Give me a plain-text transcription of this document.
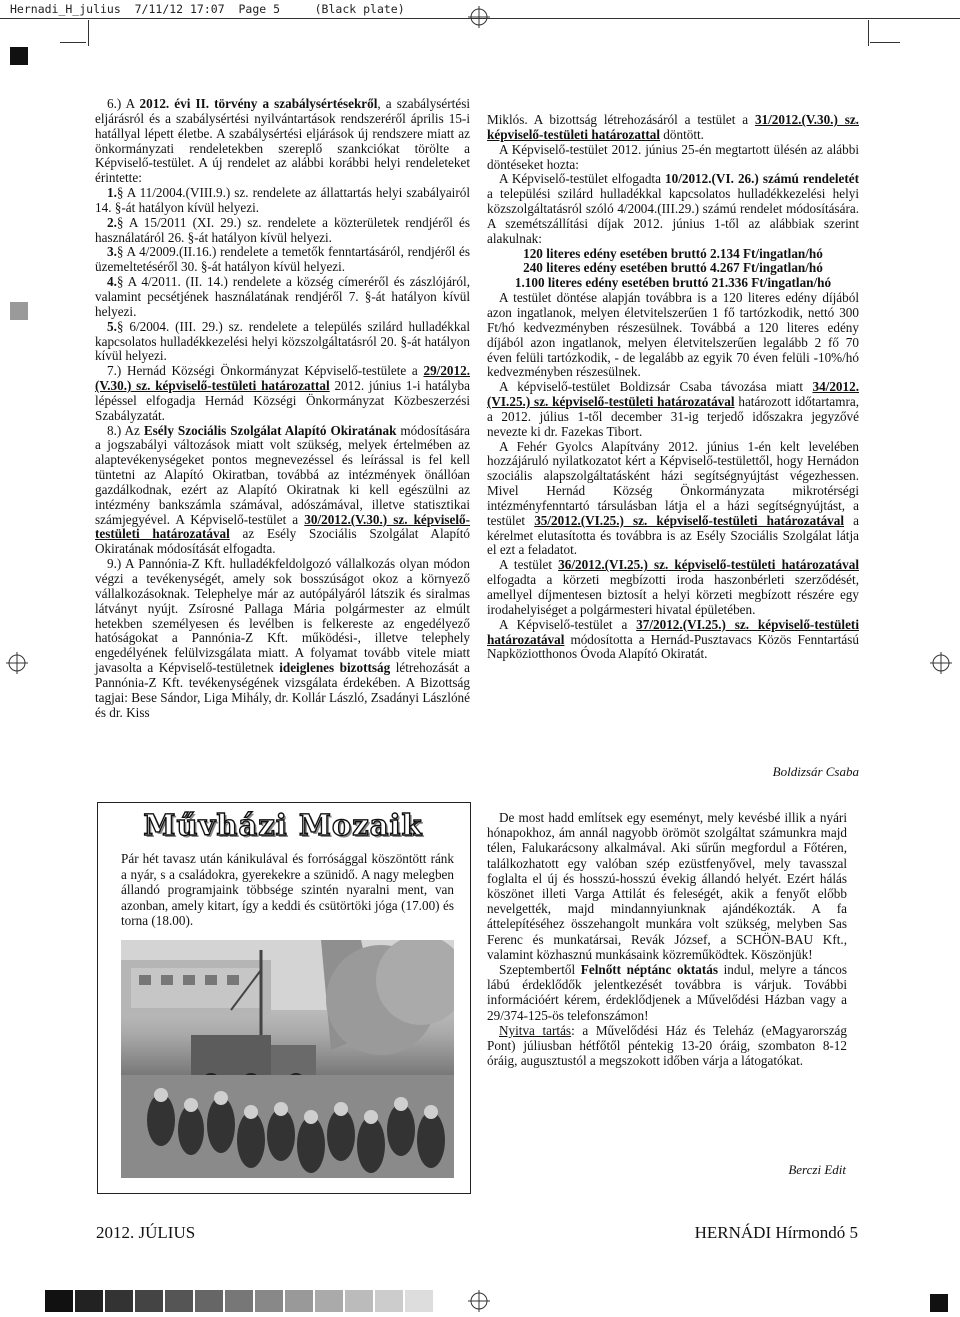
Hernadi_H_julius  7/11/12 17:07  Page 5     (Black plate)

6.) A 2012. évi II. törvény a szabálysértésekről, a szabálysértési eljárásról és a szabálysértési nyilvántartások rendszeréről április 15-i hatállyal lépett életbe. A szabálysértési eljárások új rendszere miatt az önkormányzati rendeletekben szereplő szankciókat törölte a Képviselő-testület. A új rendelet az alábbi korábbi helyi rendeleteket érintette:

1.§ A 11/2004.(VIII.9.) sz. rendelete az állattartás helyi szabályairól 14. §-át hatályon kívül helyezi.

2.§ A 15/2011 (XI. 29.) sz. rendelete a közterületek rendjéről és használatáról 26. §-át hatályon kívül helyezi.

3.§ A 4/2009.(II.16.) rendelete a temetők fenntartásáról, rendjéről és üzemeltetéséről 30. §-át hatályon kívül helyezi.

4.§ A 4/2011. (II. 14.) rendelete a község címeréről és zászlójáról, valamint pecsétjének használatának rendjéről 7. §-át hatályon kívül helyezi.

5.§ 6/2004. (III. 29.) sz. rendelete a település szilárd hulladékkal kapcsolatos hulladékkezelési helyi közszolgáltatásról 20. §-át hatályon kívül helyezi.

7.) Hernád Községi Önkormányzat Képviselő-testülete a 29/2012.(V.30.) sz. képviselő-testületi határozattal 2012. június 1-i hatályba lépéssel elfogadja Hernád Községi Önkormányzat Közbeszerzési Szabályzatát.

8.) Az Esély Szociális Szolgálat Alapító Okiratának módosítására a jogszabályi változások miatt volt szükség, melyek értelmében az alaptevékenységeket pontos megnevezéssel és leírással is fel kell tüntetni az Alapító Okiratban, továbbá az intézmények önállóan gazdálkodnak, ezért az Alapító Okiratnak ki kell egészülni az intézmény bankszámla számával, adószámával, illetve statisztikai számjegyével. A Képviselő-testület a 30/2012.(V.30.) sz. képviselő-testületi határozatával az Esély Szociális Szolgálat Alapító Okiratának módosítását elfogadta.

9.) A Pannónia-Z Kft. hulladékfeldolgozó vállalkozás olyan módon végzi a tevékenységét, amely sok bosszúságot okoz a környező vállalkozásoknak. Telephelye már az autópályáról látszik és siralmas látványt nyújt. Zsírosné Pallaga Mária polgármester az elmúlt hetekben személyesen és levélben is felkereste az engedélyező hatóságokat a Pannónia-Z Kft. működési-, illetve telephely engedélyének felülvizsgálata miatt. A folyamat tovább vitele miatt javasolta a Képviselő-testületnek ideiglenes bizottság létrehozását a Pannónia-Z Kft. tevékenységének vizsgálata érdekében. A Bizottság tagjai: Bese Sándor, Liga Mihály, dr. Kollár László, Zsadányi Lászlóné és dr. Kiss

Miklós. A bizottság létrehozásáról a testület a 31/2012.(V.30.) sz. képviselő-testületi határozattal döntött.

A Képviselő-testület 2012. június 25-én megtartott ülésén az alábbi döntéseket hozta:

A Képviselő-testület elfogadta 10/2012.(VI. 26.) számú rendeletét a települési szilárd hulladékkal kapcsolatos hulladékkezelési helyi közszolgáltatásról szóló 4/2004.(III.29.) számú rendelet módosítására. A szemétszállítási díjak 2012. június 1-től az alábbiak szerint alakulnak:

120 literes edény esetében bruttó 2.134 Ft/ingatlan/hó

240 literes edény esetében bruttó 4.267 Ft/ingatlan/hó

1.100 literes edény esetében bruttó 21.336 Ft/ingatlan/hó

A testület döntése alapján továbbra is a 120 literes edény díjából azon ingatlanok, melyen életvitelszerűen 1 fő tartózkodik, nettó 300 Ft/hó kedvezményben részesülnek. Továbbá a 120 literes edény díjából azon ingatlanok, melyen életvitelszerűen legalább 2 fő 70 éven felüli tartózkodik, - de legalább az egyik 70 éven felüli -10%/hó kedvezményben részesülnek.

A képviselő-testület Boldizsár Csaba távozása miatt 34/2012.(VI.25.) sz. képviselő-testületi határozatával határozott időtartamra, a 2012. július 1-től december 31-ig terjedő időszakra jegyzővé nevezte ki dr. Fazekas Tibort.

A Fehér Gyolcs Alapítvány 2012. június 1-én kelt levelében hozzájáruló nyilatkozatot kért a Képviselő-testülettől, hogy Hernádon szociális alapszolgáltatásként házi segítségnyújtást végezhessen. Mivel Hernád Község Önkormányzata mikrotérségi intézményfenntartó társulásban látja el a házi segítségnyújtást, a testület 35/2012.(VI.25.) sz. képviselő-testületi határozatával a kérelmet elutasította és továbbra is az Esély Szociális Szolgálat látja el ezt a feladatot.

A testület 36/2012.(VI.25.) sz. képviselő-testületi határozatával elfogadta a körzeti megbízotti iroda haszonbérleti szerződését, amellyel díjmentesen biztosít a helyi körzeti megbízott részére egy irodahelyiséget a polgármesteri hivatal épületében.

A Képviselő-testület a 37/2012.(VI.25.) sz. képviselő-testületi határozatával módosította a Hernád-Pusztavacs Közös Fenntartású Napköziotthonos Óvoda Alapító Okiratát.

Boldizsár Csaba
Művházi Mozaik
Pár hét tavasz után kánikulával és forrósággal köszöntött ránk a nyár, s a családokra, gyerekekre a szünidő. A nagy melegben állandó programjaink többsége szintén nyaralni ment, van azonban, amely kitart, így a keddi és csütörtöki jóga (17.00) és torna (18.00).

De most hadd említsek egy eseményt, mely kevésbé illik a nyári hónapokhoz, ám annál nagyobb örömöt szolgáltat számunkra majd télen, Falukarácsony alkalmával. Aki sűrűn megfordul a Főtéren, találkozhatott egy valóban szép ezüstfenyővel, mely tavasszal foglalta el új és hosszú-hosszú évekig állandó helyét. Ezért hálás köszönet illeti Varga Attilát és feleségét, akik a fenyőt előbb nevelgették, majd mindannyiunknak ajándékozták. A fa áttelepítéséhez összehangolt munkára volt szükség, melyben Sas Ferenc és munkatársai, Revák József, a SCHÖN-BAU Kft., valamint közhasznú munkásaink közreműködtek. Köszönjük!

Szeptembertől Felnőtt néptánc oktatás indul, melyre a táncos lábú érdeklődők jelentkezését továbbra is várjuk. További információért kérem, érdeklődjenek a Művelődési Házban vagy a 29/374-125-ös telefonszámon!

Nyitva tartás: a Művelődési Ház és Teleház (eMagyarország Pont) júliusban hétfőtől péntekig 13-20 óráig, szombaton 8-12 óráig, augusztustól a megszokott időben várja a látogatókat.

Berczi Edit
2012. JÚLIUS	HERNÁDI Hírmondó 5
